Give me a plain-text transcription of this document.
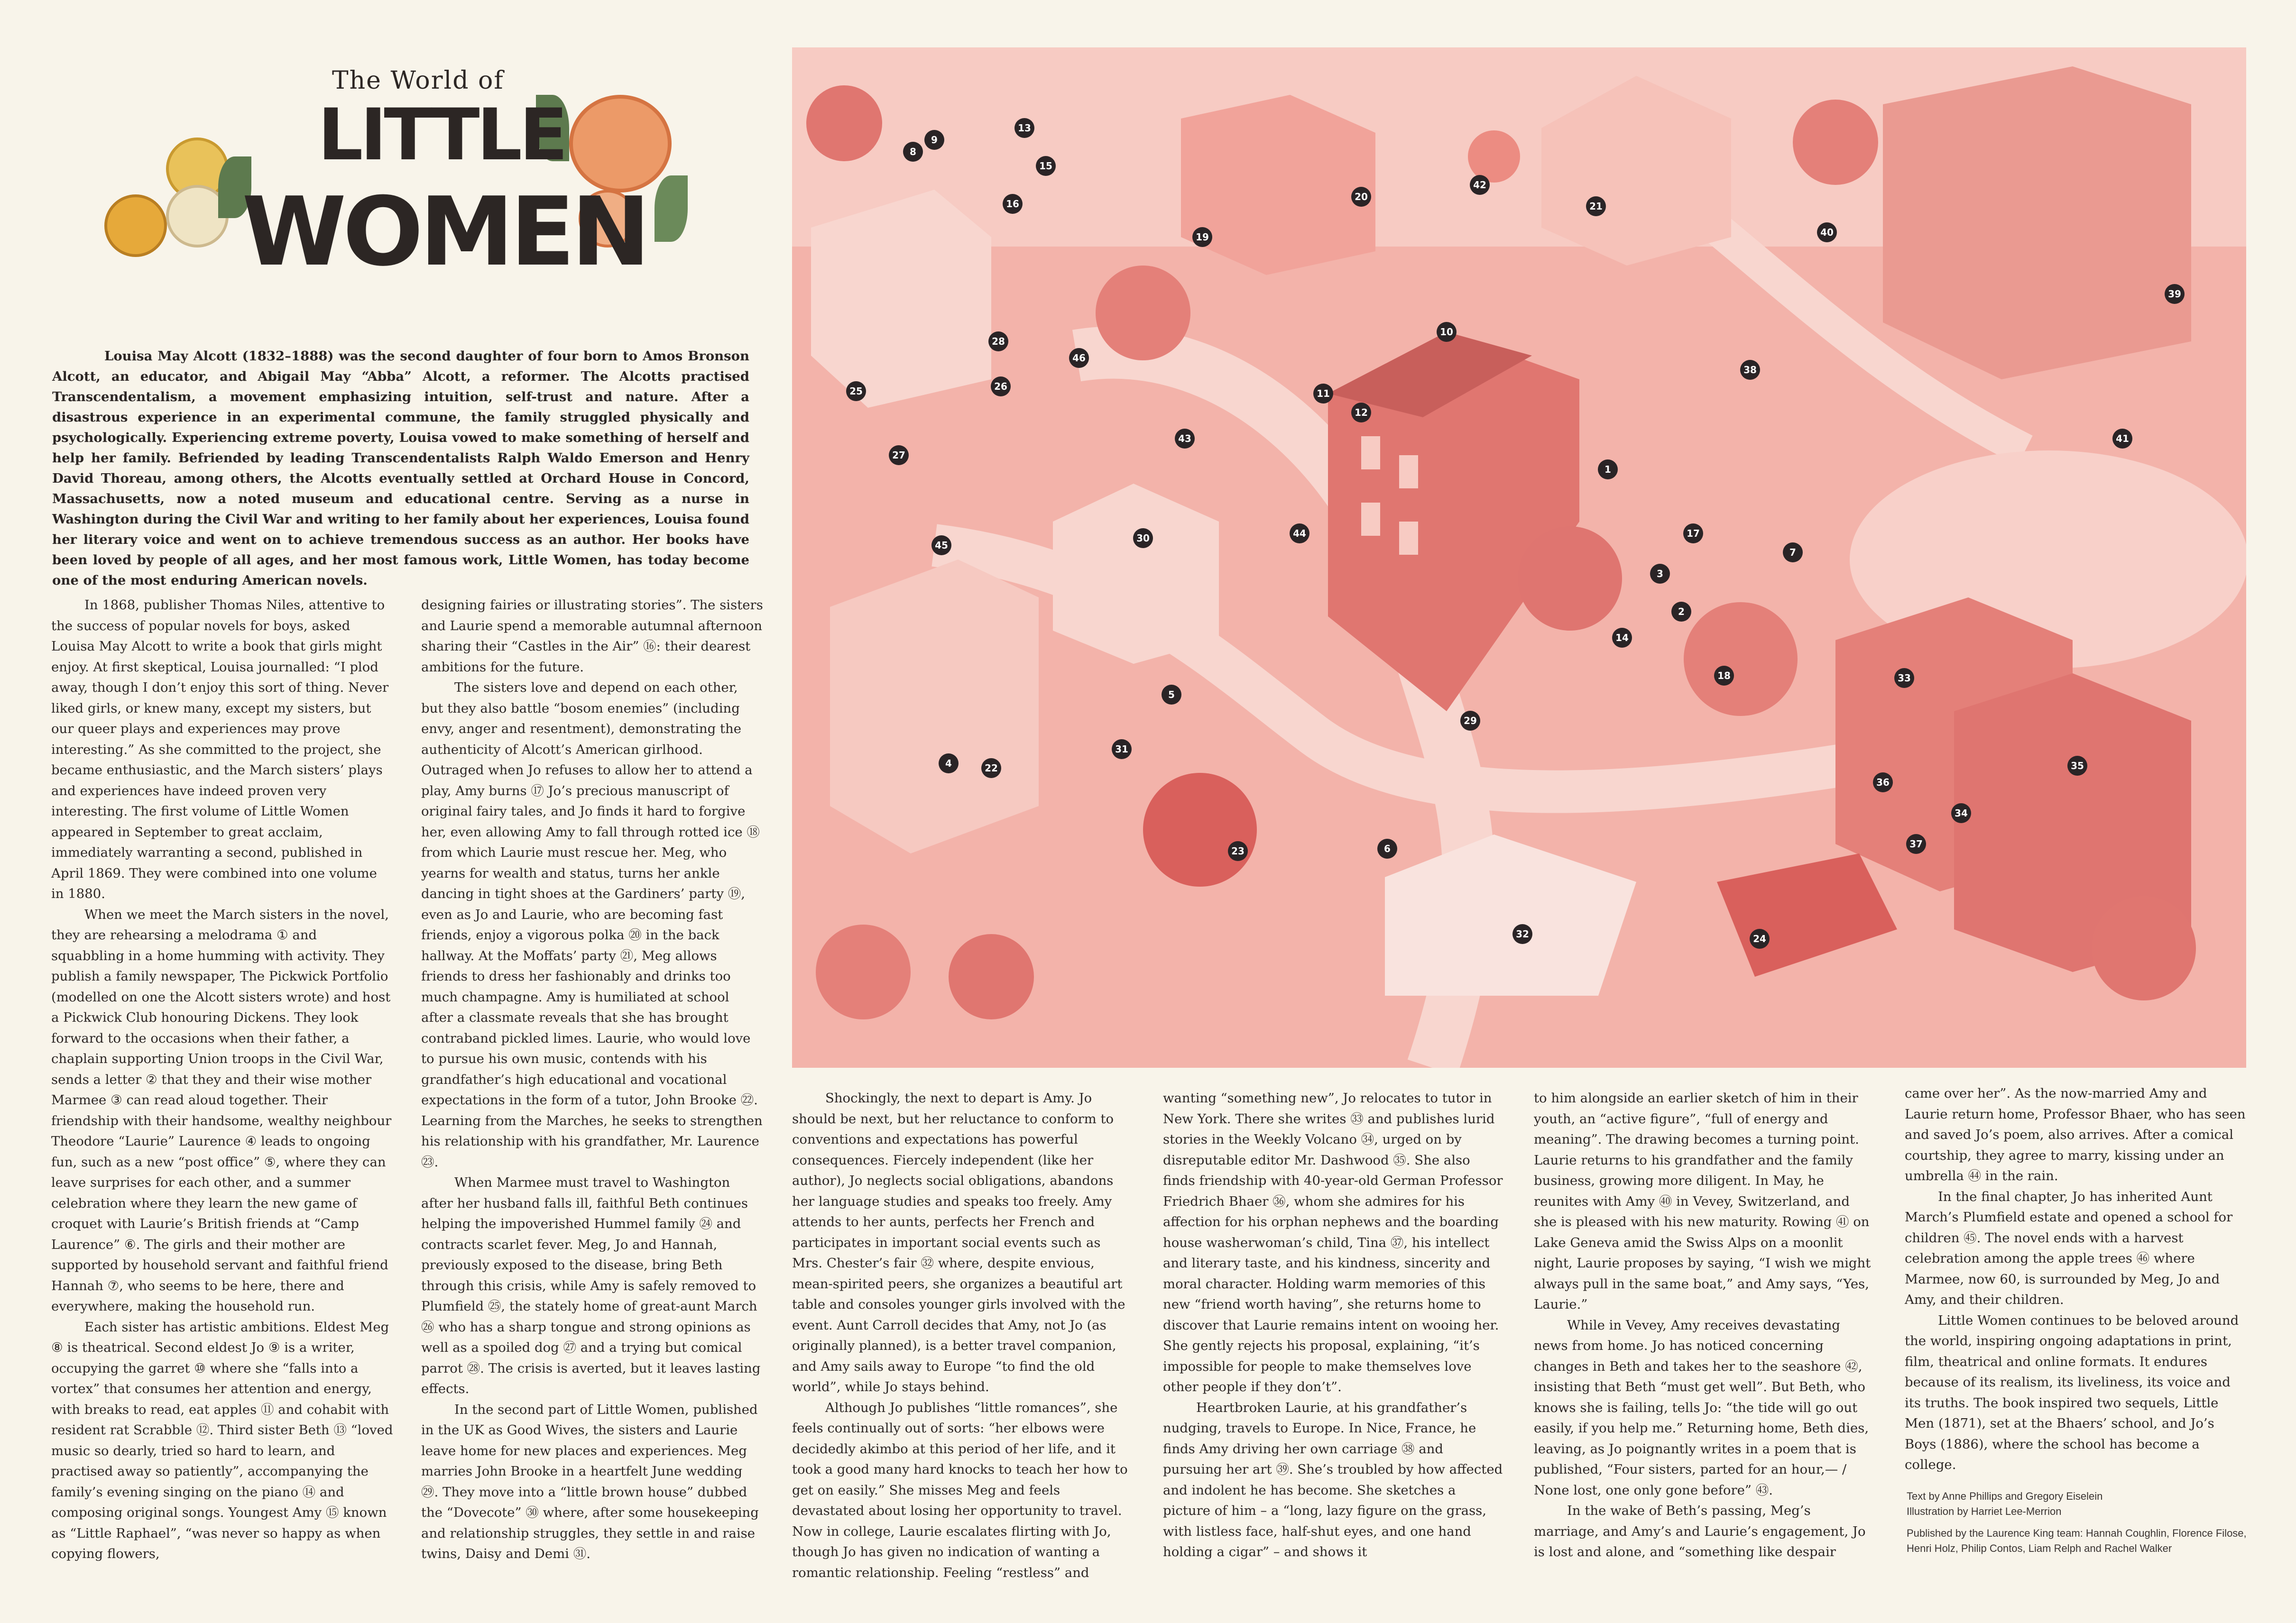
The World of
LITTLE
WOMEN
Louisa May Alcott (1832–1888) was the second daughter of four born to Amos Bronson Alcott, an educator, and Abigail May “Abba” Alcott, a reformer. The Alcotts practised Transcendentalism, a movement emphasizing intuition, self-trust and nature. After a disastrous experience in an experimental commune, the family struggled physically and psychologically. Experiencing extreme poverty, Louisa vowed to make something of herself and help her family. Befriended by leading Transcendentalists Ralph Waldo Emerson and Henry David Thoreau, among others, the Alcotts eventually settled at Orchard House in Concord, Massachusetts, now a noted museum and educational centre. Serving as a nurse in Washington during the Civil War and writing to her family about her experiences, Louisa found her literary voice and went on to achieve tremendous success as an author. Her books have been loved by people of all ages, and her most famous work, Little Women, has today become one of the most enduring American novels.

In 1868, publisher Thomas Niles, attentive to the success of popular novels for boys, asked Louisa May Alcott to write a book that girls might enjoy. At first skeptical, Louisa journalled: “I plod away, though I don’t enjoy this sort of thing. Never liked girls, or knew many, except my sisters, but our queer plays and experiences may prove interesting.” As she committed to the project, she became enthusiastic, and the March sisters’ plays and experiences have indeed proven very interesting. The first volume of Little Women appeared in September to great acclaim, immediately warranting a second, published in April 1869. They were combined into one volume in 1880.

When we meet the March sisters in the novel, they are rehearsing a melodrama ① and squabbling in a home humming with activity. They publish a family newspaper, The Pickwick Portfolio (modelled on one the Alcott sisters wrote) and host a Pickwick Club honouring Dickens. They look forward to the occasions when their father, a chaplain supporting Union troops in the Civil War, sends a letter ② that they and their wise mother Marmee ③ can read aloud together. Their friendship with their handsome, wealthy neighbour Theodore “Laurie” Laurence ④ leads to ongoing fun, such as a new “post office” ⑤, where they can leave surprises for each other, and a summer celebration where they learn the new game of croquet with Laurie’s British friends at “Camp Laurence” ⑥. The girls and their mother are supported by household servant and faithful friend Hannah ⑦, who seems to be here, there and everywhere, making the household run.

Each sister has artistic ambitions. Eldest Meg ⑧ is theatrical. Second eldest Jo ⑨ is a writer, occupying the garret ⑩ where she “falls into a vortex” that consumes her attention and energy, with breaks to read, eat apples ⑪ and cohabit with resident rat Scrabble ⑫. Third sister Beth ⑬ “loved music so dearly, tried so hard to learn, and practised away so patiently”, accompanying the family’s evening singing on the piano ⑭ and composing original songs. Youngest Amy ⑮ known as “Little Raphael”, “was never so happy as when copying flowers,

designing fairies or illustrating stories”. The sisters and Laurie spend a memorable autumnal afternoon sharing their “Castles in the Air” ⑯: their dearest ambitions for the future.

The sisters love and depend on each other, but they also battle “bosom enemies” (including envy, anger and resentment), demonstrating the authenticity of Alcott’s American girlhood. Outraged when Jo refuses to allow her to attend a play, Amy burns ⑰ Jo’s precious manuscript of original fairy tales, and Jo finds it hard to forgive her, even allowing Amy to fall through rotted ice ⑱ from which Laurie must rescue her. Meg, who yearns for wealth and status, turns her ankle dancing in tight shoes at the Gardiners’ party ⑲, even as Jo and Laurie, who are becoming fast friends, enjoy a vigorous polka ⑳ in the back hallway. At the Moffats’ party ㉑, Meg allows friends to dress her fashionably and drinks too much champagne. Amy is humiliated at school after a classmate reveals that she has brought contraband pickled limes. Laurie, who would love to pursue his own music, contends with his grandfather’s high educational and vocational expectations in the form of a tutor, John Brooke ㉒. Learning from the Marches, he seeks to strengthen his relationship with his grandfather, Mr. Laurence ㉓.

When Marmee must travel to Washington after her husband falls ill, faithful Beth continues helping the impoverished Hummel family ㉔ and contracts scarlet fever. Meg, Jo and Hannah, previously exposed to the disease, bring Beth through this crisis, while Amy is safely removed to Plumfield ㉕, the stately home of great-aunt March ㉖ who has a sharp tongue and strong opinions as well as a spoiled dog ㉗ and a trying but comical parrot ㉘. The crisis is averted, but it leaves lasting effects.

In the second part of Little Women, published in the UK as Good Wives, the sisters and Laurie leave home for new places and experiences. Meg marries John Brooke in a heartfelt June wedding ㉙. They move into a “little brown house” dubbed the “Dovecote” ㉚ where, after some housekeeping and relationship struggles, they settle in and raise twins, Daisy and Demi ㉛.

Shockingly, the next to depart is Amy. Jo should be next, but her reluctance to conform to conventions and expectations has powerful consequences. Fiercely independent (like her author), Jo neglects social obligations, abandons her language studies and speaks too freely. Amy attends to her aunts, perfects her French and participates in important social events such as Mrs. Chester’s fair ㉜ where, despite envious, mean-spirited peers, she organizes a beautiful art table and consoles younger girls involved with the event. Aunt Carroll decides that Amy, not Jo (as originally planned), is a better travel companion, and Amy sails away to Europe “to find the old world”, while Jo stays behind.

Although Jo publishes “little romances”, she feels continually out of sorts: “her elbows were decidedly akimbo at this period of her life, and it took a good many hard knocks to teach her how to get on easily.” She misses Meg and feels devastated about losing her opportunity to travel. Now in college, Laurie escalates flirting with Jo, though Jo has given no indication of wanting a romantic relationship. Feeling “restless” and

wanting “something new”, Jo relocates to tutor in New York. There she writes ㉝ and publishes lurid stories in the Weekly Volcano ㉞, urged on by disreputable editor Mr. Dashwood ㉟. She also finds friendship with 40-year-old German Professor Friedrich Bhaer ㊱, whom she admires for his affection for his orphan nephews and the boarding house washerwoman’s child, Tina ㊲, his intellect and literary taste, and his kindness, sincerity and moral character. Holding warm memories of this new “friend worth having”, she returns home to discover that Laurie remains intent on wooing her. She gently rejects his proposal, explaining, “it’s impossible for people to make themselves love other people if they don’t”.

Heartbroken Laurie, at his grandfather’s nudging, travels to Europe. In Nice, France, he finds Amy driving her own carriage ㊳ and pursuing her art ㊴. She’s troubled by how affected and indolent he has become. She sketches a picture of him – a “long, lazy figure on the grass, with listless face, half-shut eyes, and one hand holding a cigar” – and shows it

to him alongside an earlier sketch of him in their youth, an “active figure”, “full of energy and meaning”. The drawing becomes a turning point. Laurie returns to his grandfather and the family business, growing more diligent. In May, he reunites with Amy ㊵ in Vevey, Switzerland, and she is pleased with his new maturity. Rowing ㊶ on Lake Geneva amid the Swiss Alps on a moonlit night, Laurie proposes by saying, “I wish we might always pull in the same boat,” and Amy says, “Yes, Laurie.”

While in Vevey, Amy receives devastating news from home. Jo has noticed concerning changes in Beth and takes her to the seashore ㊷, insisting that Beth “must get well”. But Beth, who knows she is failing, tells Jo: “the tide will go out easily, if you help me.” Returning home, Beth dies, leaving, as Jo poignantly writes in a poem that is published, “Four sisters, parted for an hour,— / None lost, one only gone before” ㊸.

In the wake of Beth’s passing, Meg’s marriage, and Amy’s and Laurie’s engagement, Jo is lost and alone, and “something like despair

came over her”. As the now-married Amy and Laurie return home, Professor Bhaer, who has seen and saved Jo’s poem, also arrives. After a comical courtship, they agree to marry, kissing under an umbrella ㊹ in the rain.

In the final chapter, Jo has inherited Aunt March’s Plumfield estate and opened a school for children ㊺. The novel ends with a harvest celebration among the apple trees ㊻ where Marmee, now 60, is surrounded by Meg, Jo and Amy, and their children.

Little Women continues to be beloved around the world, inspiring ongoing adaptations in print, film, theatrical and online formats. It endures because of its realism, its liveliness, its voice and its truths. The book inspired two sequels, Little Men (1871), set at the Bhaers’ school, and Jo’s Boys (1886), where the school has become a college.

Text by Anne Phillips and Gregory Eiselein
Illustration by Harriet Lee-Merrion

Published by the Laurence King team: Hannah Coughlin, Florence Filose, Henri Holz, Philip Contos, Liam Relph and Rachel Walker

1
2
3
4
5
6
7
8
9
10
11
12
13
14
15
16
17
18
19
20
21
22
23
24
25	26
27
28
29
30
31
32
33
34
35
36
37
38
39
40
41
42
43
44
45
46
